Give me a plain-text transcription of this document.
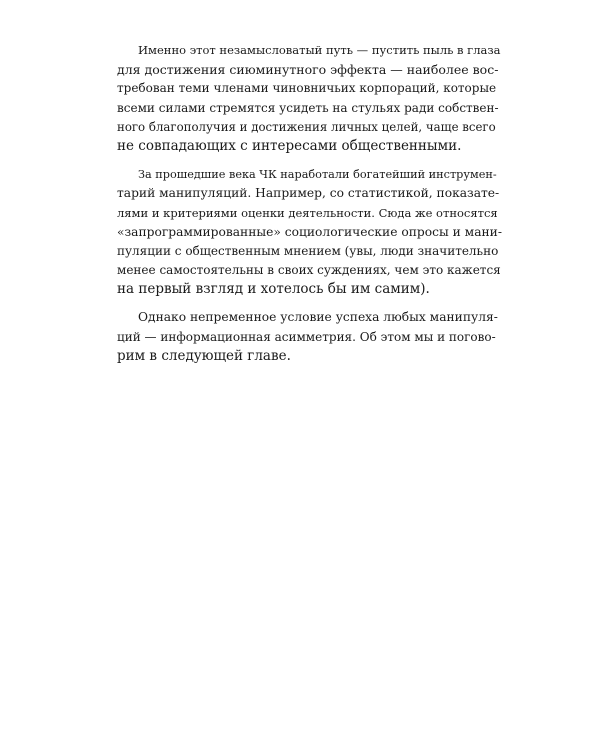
Именно этот незамысловатый путь — пустить пыль в глаза
для достижения сиюминутного эффекта — наиболее вос-
требован теми членами чиновничьих корпораций, которые
всеми силами стремятся усидеть на стульях ради собствен-
ного благополучия и достижения личных целей, чаще всего
не совпадающих с интересами общественными.
За прошедшие века ЧК наработали богатейший инструмен-
тарий манипуляций. Например, со статистикой, показате-
лями и критериями оценки деятельности. Сюда же относятся
«запрограммированные» социологические опросы и мани-
пуляции с общественным мнением (увы, люди значительно
менее самостоятельны в своих суждениях, чем это кажется
на первый взгляд и хотелось бы им самим).
Однако непременное условие успеха любых манипуля-
ций — информационная асимметрия. Об этом мы и погово-
рим в следующей главе.
